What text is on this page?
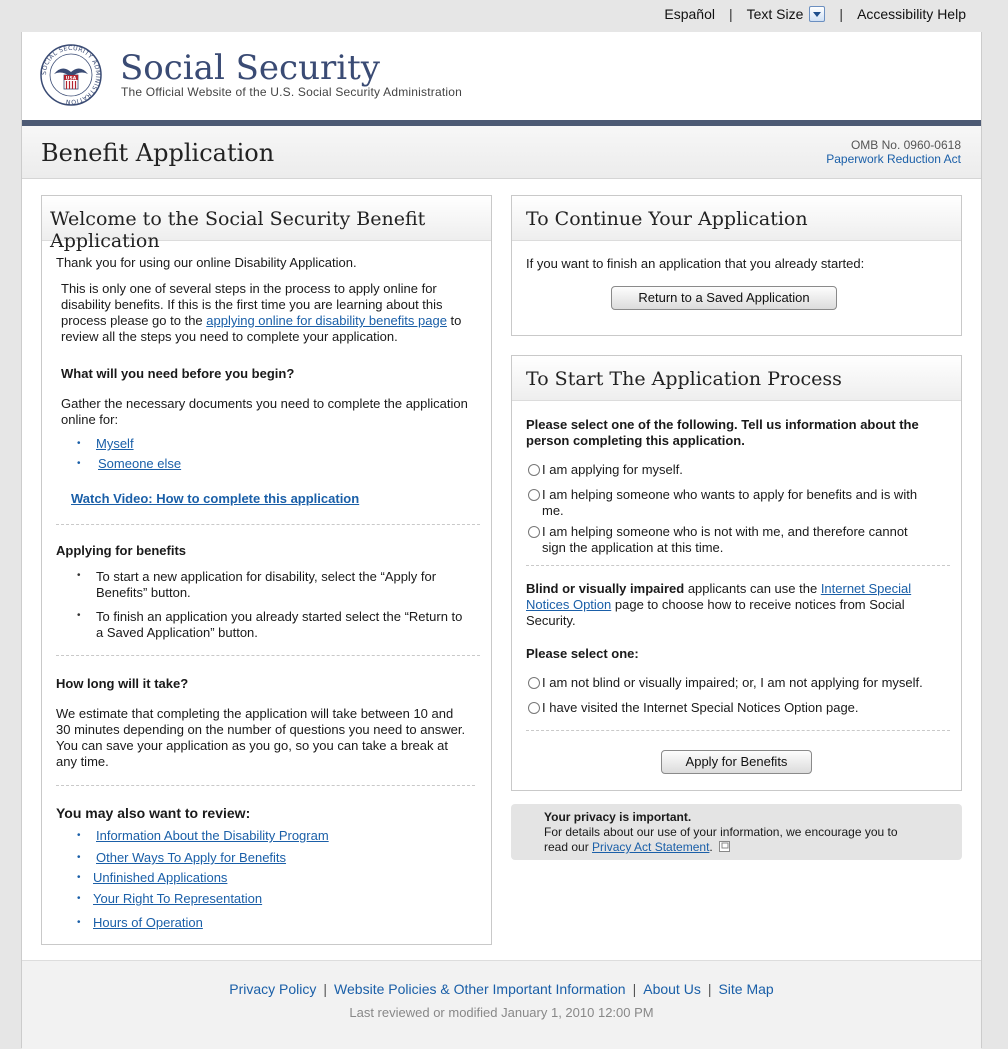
Español | Text Size	| Accessibility Help
SOCIAL SECURITY ADMINISTRATION
USA Social Security
The Official Website of the U.S. Social Security Administration
Benefit Application	OMB No. 0960-0618
Paperwork Reduction Act
Welcome to the Social Security Benefit Application
Thank you for using our online Disability Application.
This is only one of several steps in the process to apply online for disability benefits. If this is the first time you are learning about this process please go to the applying online for disability benefits page to review all the steps you need to complete your application.
What will you need before you begin?
Gather the necessary documents you need to complete the application online for:
• Myself
• Someone else
Watch Video: How to complete this application
Applying for benefits
• To start a new application for disability, select the “Apply for Benefits” button.
• To finish an application you already started select the “Return to a Saved Application” button.
How long will it take?
We estimate that completing the application will take between 10 and 30 minutes depending on the number of questions you need to answer. You can save your application as you go, so you can take a break at any time.
You may also want to review:
• Information About the Disability Program
• Other Ways To Apply for Benefits
• Unfinished Applications
• Your Right To Representation
• Hours of Operation
To Continue Your Application
If you want to finish an application that you already started:
Return to a Saved Application
To Start The Application Process
Please select one of the following. Tell us information about the person completing this application.
I am applying for myself.
I am helping someone who wants to apply for benefits and is with me.
I am helping someone who is not with me, and therefore cannot sign the application at this time.
Blind or visually impaired applicants can use the Internet Special Notices Option page to choose how to receive notices from Social Security.
Please select one:
I am not blind or visually impaired; or, I am not applying for myself.
I have visited the Internet Special Notices Option page.
Apply for Benefits
Your privacy is important.
For details about our use of your information, we encourage you to read our Privacy Act Statement.
Privacy Policy | Website Policies & Other Important Information | About Us | Site Map
Last reviewed or modified January 1, 2010 12:00 PM
